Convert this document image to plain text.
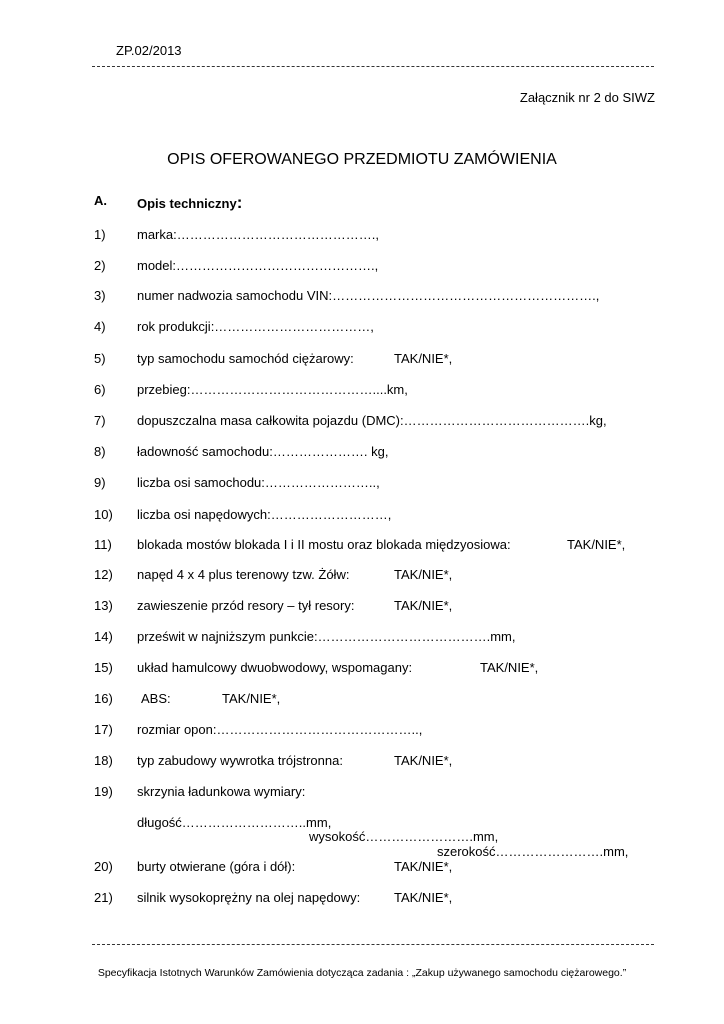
ZP.02/2013
Załącznik nr 2 do SIWZ
OPIS OFEROWANEGO PRZEDMIOTU ZAMÓWIENIA
A. Opis techniczny:
1) marka:……………………………………….,
2) model:……………………………………….,
3) numer nadwozia samochodu VIN:…………………………………………………….,
4) rok produkcji:………………………………,
5) typ samochodu samochód ciężarowy:	TAK/NIE*,
6) przebieg:……………………………………....km,
7) dopuszczalna masa całkowita pojazdu (DMC):…………………………………….kg,
8) ładowność samochodu:…………………. kg,
9) liczba osi samochodu:……………………..,
10) liczba osi napędowych:………………………,
11) blokada mostów blokada I i II mostu oraz blokada międzyosiowa:	TAK/NIE*,
12) napęd 4 x 4 plus terenowy tzw. Żółw:	TAK/NIE*,
13) zawieszenie przód resory – tył resory:	TAK/NIE*,
14) prześwit w najniższym punkcie:………………………………….mm,
15) układ hamulcowy dwuobwodowy, wspomagany:	TAK/NIE*,
16) ABS:	TAK/NIE*,
17) rozmiar opon:………………………………………..,
18) typ zabudowy wywrotka trójstronna:	TAK/NIE*,
19) skrzynia ładunkowa wymiary:
długość………………………..mm,
wysokość…………………….mm,
szerokość…………………….mm,
20) burty otwierane (góra i dół):	TAK/NIE*,
21) silnik wysokoprężny na olej napędowy:	TAK/NIE*,
Specyfikacja Istotnych Warunków Zamówienia dotycząca zadania : „Zakup używanego samochodu ciężarowego.”
